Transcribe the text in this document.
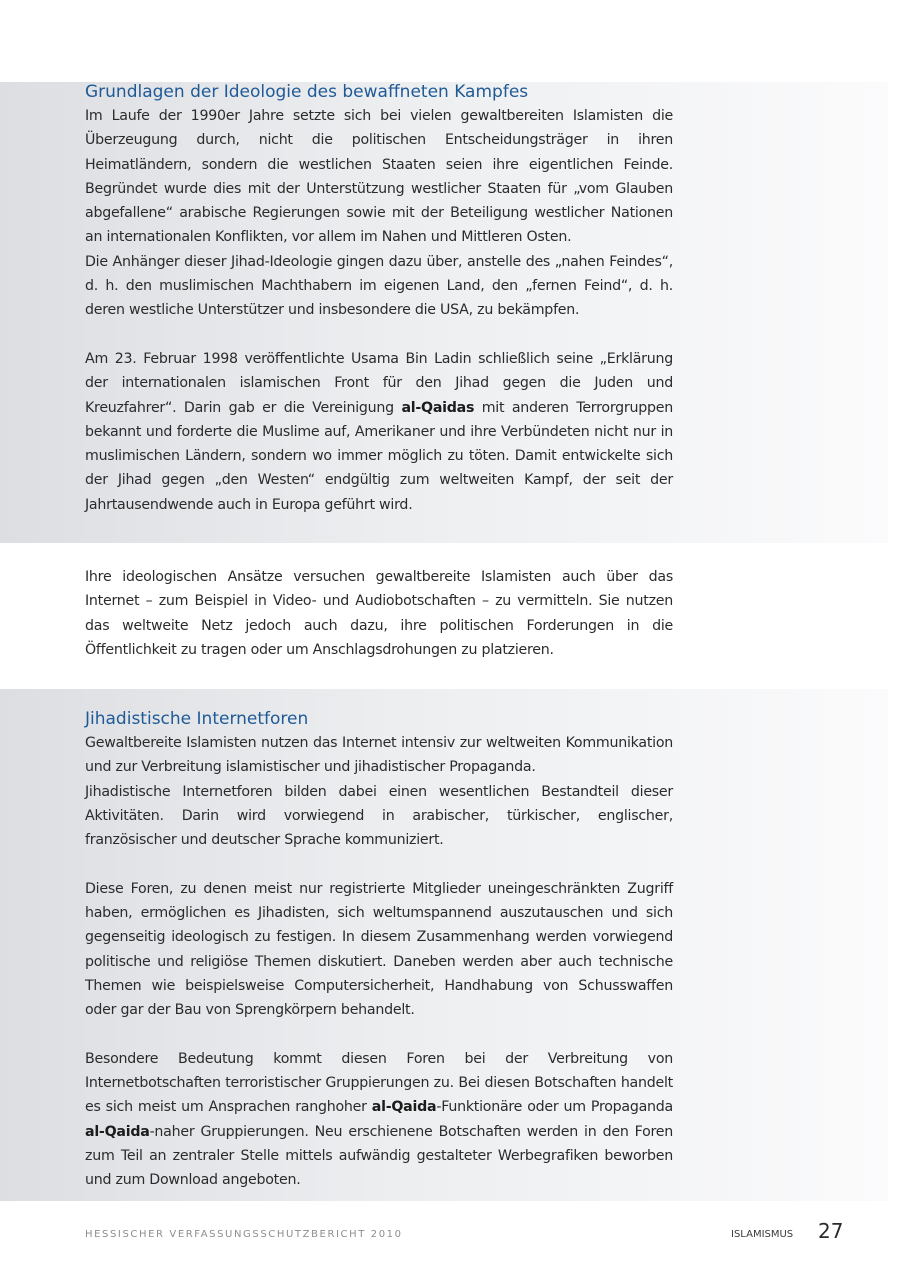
Grundlagen der Ideologie des bewaffneten Kampfes

Im Laufe der 1990er Jahre setzte sich bei vielen gewaltbereiten Islamisten die Überzeugung durch, nicht die politischen Entscheidungsträger in ihren Heimatländern, sondern die westlichen Staaten seien ihre eigentlichen Feinde. Begründet wurde dies mit der Unterstützung westlicher Staaten für „vom Glauben abgefallene“ arabische Regierungen sowie mit der Beteiligung westlicher Nationen an internationalen Konflikten, vor allem im Nahen und Mittleren Osten.

Die Anhänger dieser Jihad-Ideologie gingen dazu über, anstelle des „nahen Feindes“, d. h. den muslimischen Machthabern im eigenen Land, den „fernen Feind“, d. h. deren westliche Unterstützer und insbesondere die USA, zu bekämpfen.

Am 23. Februar 1998 veröffentlichte Usama Bin Ladin schließlich seine „Erklärung der internationalen islamischen Front für den Jihad gegen die Juden und Kreuzfahrer“. Darin gab er die Vereinigung al-Qaidas mit anderen Terrorgruppen bekannt und forderte die Muslime auf, Amerikaner und ihre Verbündeten nicht nur in muslimischen Ländern, sondern wo immer möglich zu töten. Damit entwickelte sich der Jihad gegen „den Westen“ endgültig zum weltweiten Kampf, der seit der Jahrtausendwende auch in Europa geführt wird.

Ihre ideologischen Ansätze versuchen gewaltbereite Islamisten auch über das Internet – zum Beispiel in Video- und Audiobotschaften – zu vermitteln. Sie nutzen das weltweite Netz jedoch auch dazu, ihre politischen Forderungen in die Öffentlichkeit zu tragen oder um Anschlagsdrohungen zu platzieren.

Jihadistische Internetforen

Gewaltbereite Islamisten nutzen das Internet intensiv zur weltweiten Kommunikation und zur Verbreitung islamistischer und jihadistischer Propaganda.

Jihadistische Internetforen bilden dabei einen wesentlichen Bestandteil dieser Aktivitäten. Darin wird vorwiegend in arabischer, türkischer, englischer, französischer und deutscher Sprache kommuniziert.

Diese Foren, zu denen meist nur registrierte Mitglieder uneingeschränkten Zugriff haben, ermöglichen es Jihadisten, sich weltumspannend auszutauschen und sich gegenseitig ideologisch zu festigen. In diesem Zusammenhang werden vorwiegend politische und religiöse Themen diskutiert. Daneben werden aber auch technische Themen wie beispielsweise Computersicherheit, Handhabung von Schusswaffen oder gar der Bau von Sprengkörpern behandelt.

Besondere Bedeutung kommt diesen Foren bei der Verbreitung von Internetbotschaften terroristischer Gruppierungen zu. Bei diesen Botschaften handelt es sich meist um Ansprachen ranghoher al-Qaida-Funktionäre oder um Propaganda al-Qaida-naher Gruppierungen. Neu erschienene Botschaften werden in den Foren zum Teil an zentraler Stelle mittels aufwändig gestalteter Werbegrafiken beworben und zum Download angeboten.

HESSISCHER VERFASSUNGSSCHUTZBERICHT 2010	ISLAMISMUS 27
